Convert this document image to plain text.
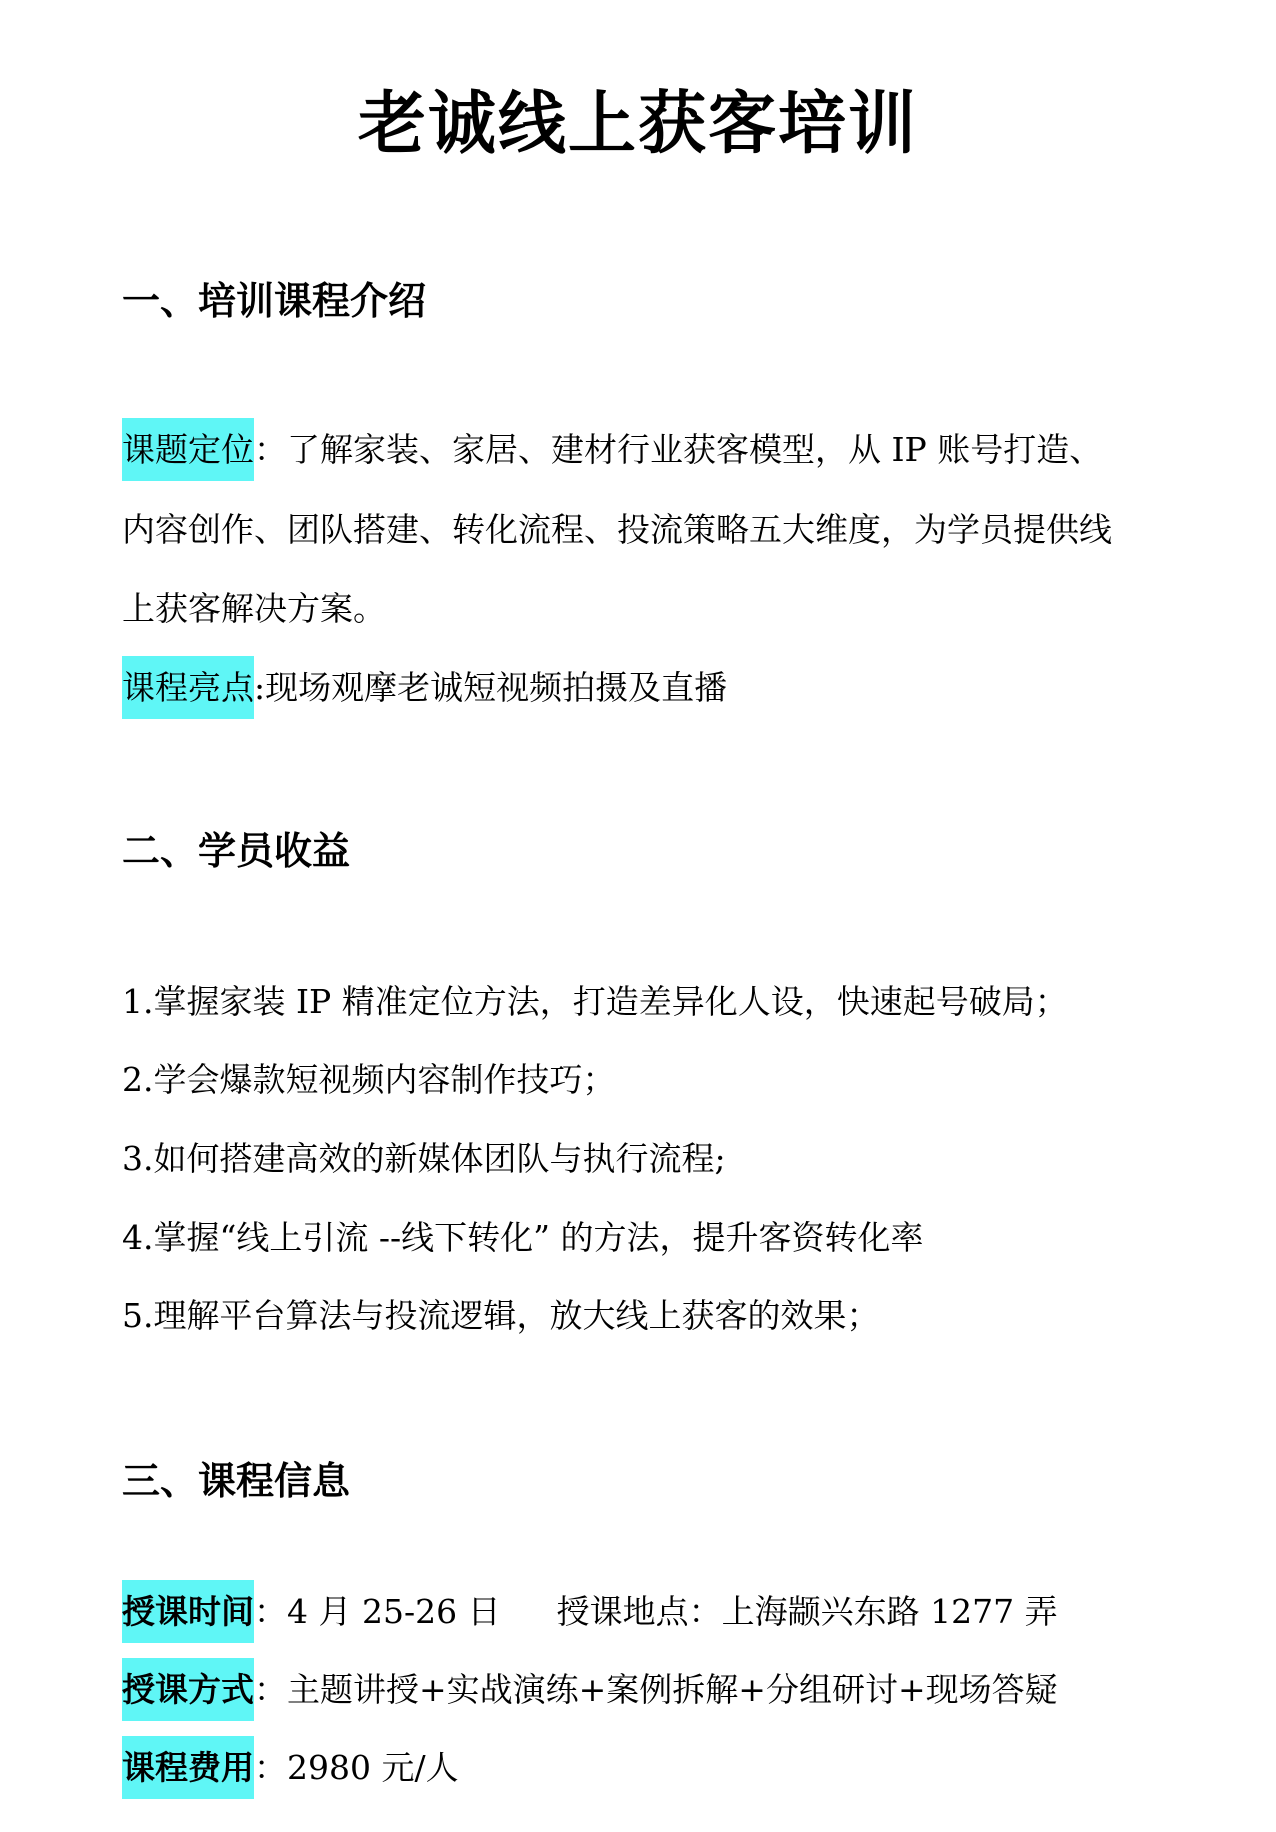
老诚线上获客培训
一、培训课程介绍
课题定位：了解家装、家居、建材行业获客模型，从 IP 账号打造、
内容创作、团队搭建、转化流程、投流策略五大维度，为学员提供线
上获客解决方案。
课程亮点:现场观摩老诚短视频拍摄及直播
二、学员收益
1.掌握家装 IP 精准定位方法，打造差异化人设，快速起号破局；
2.学会爆款短视频内容制作技巧；
3.如何搭建高效的新媒体团队与执行流程;
4.掌握“线上引流 --线下转化” 的方法，提升客资转化率
5.理解平台算法与投流逻辑，放大线上获客的效果；
三、课程信息
授课时间：4 月 25-26 日 授课地点：上海颛兴东路 1277 弄
授课方式：主题讲授+实战演练+案例拆解+分组研讨+现场答疑
课程费用：2980 元/人
